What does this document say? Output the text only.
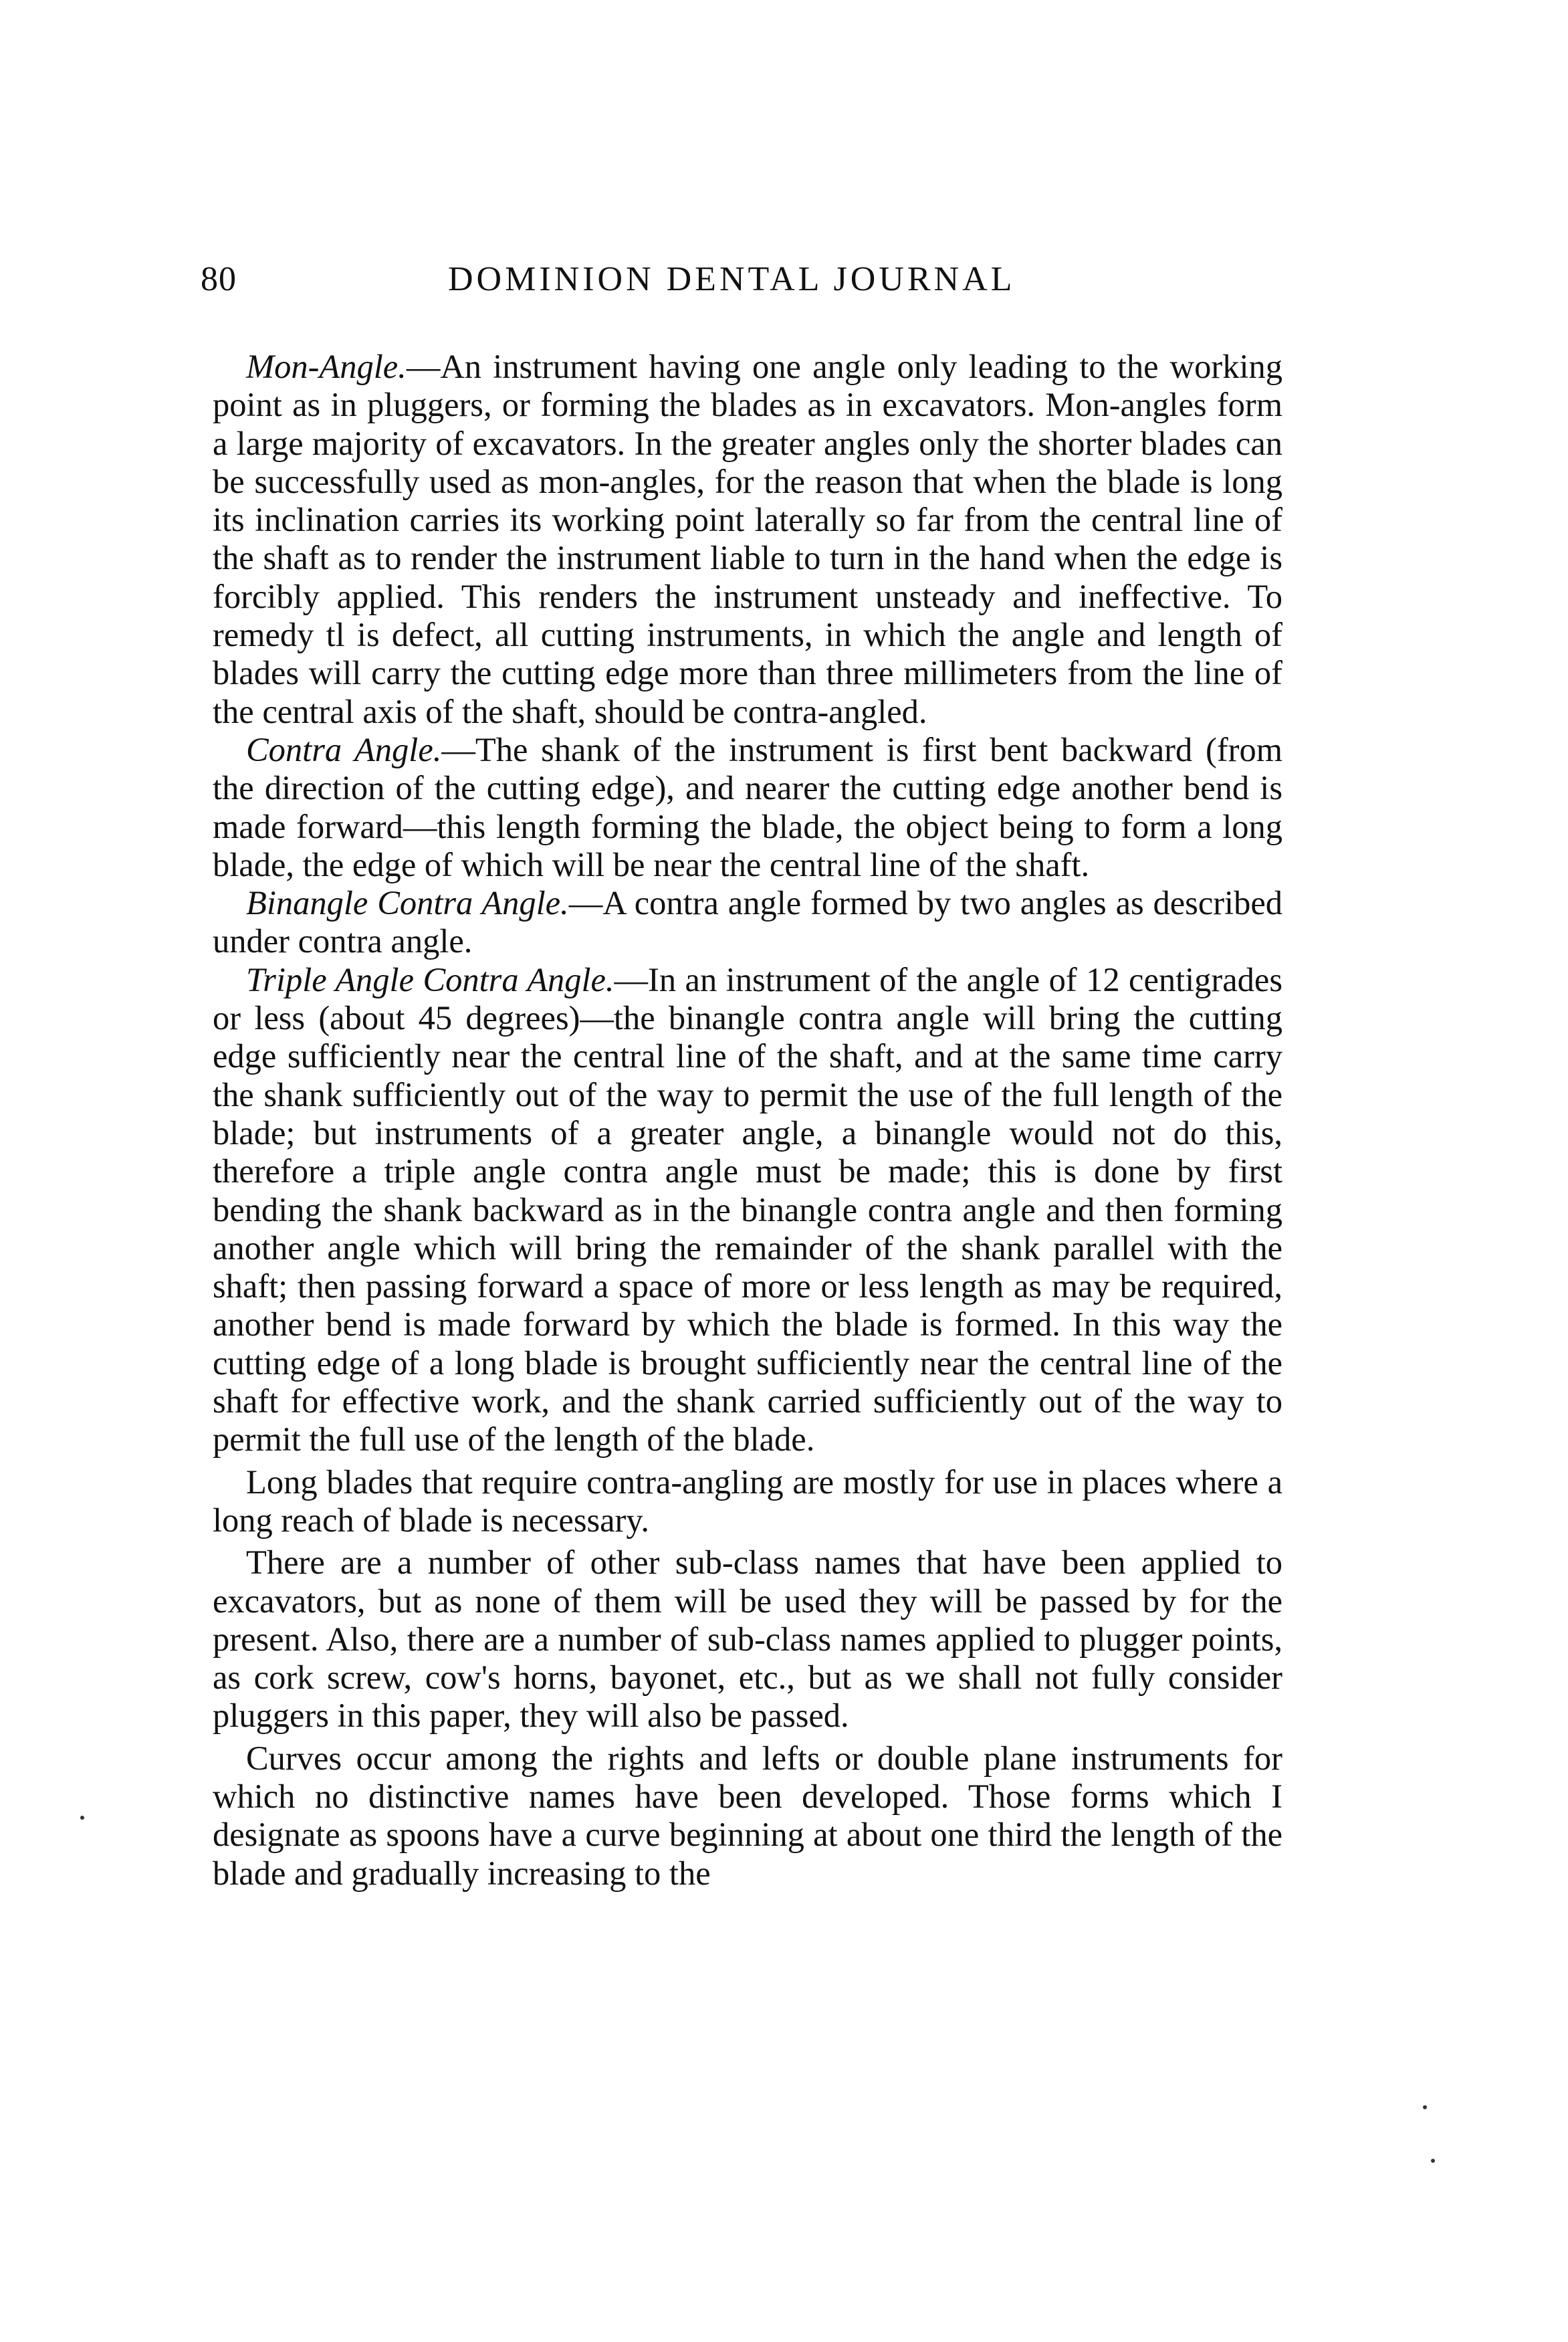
80	DOMINION DENTAL JOURNAL

Mon-Angle.—An instrument having one angle only leading to the working point as in pluggers, or forming the blades as in excavators. Mon-angles form a large majority of excavators. In the greater angles only the shorter blades can be successfully used as mon-angles, for the reason that when the blade is long its inclination carries its working point laterally so far from the central line of the shaft as to render the instrument liable to turn in the hand when the edge is forcibly applied. This renders the instrument unsteady and ineffective. To remedy tl is defect, all cutting instruments, in which the angle and length of blades will carry the cutting edge more than three millimeters from the line of the central axis of the shaft, should be contra-angled.

Contra Angle.—The shank of the instrument is first bent backward (from the direction of the cutting edge), and nearer the cutting edge another bend is made forward—this length forming the blade, the object being to form a long blade, the edge of which will be near the central line of the shaft.

Binangle Contra Angle.—A contra angle formed by two angles as described under contra angle.

Triple Angle Contra Angle.—In an instrument of the angle of 12 centigrades or less (about 45 degrees)—the binangle contra angle will bring the cutting edge sufficiently near the central line of the shaft, and at the same time carry the shank sufficiently out of the way to permit the use of the full length of the blade; but instruments of a greater angle, a binangle would not do this, therefore a triple angle contra angle must be made; this is done by first bending the shank backward as in the binangle contra angle and then forming another angle which will bring the remainder of the shank parallel with the shaft; then passing forward a space of more or less length as may be required, another bend is made forward by which the blade is formed. In this way the cutting edge of a long blade is brought sufficiently near the central line of the shaft for effective work, and the shank carried sufficiently out of the way to permit the full use of the length of the blade.

Long blades that require contra-angling are mostly for use in places where a long reach of blade is necessary.

There are a number of other sub-class names that have been applied to excavators, but as none of them will be used they will be passed by for the present. Also, there are a number of sub-class names applied to plugger points, as cork screw, cow's horns, bayonet, etc., but as we shall not fully consider pluggers in this paper, they will also be passed.

Curves occur among the rights and lefts or double plane instruments for which no distinctive names have been developed. Those forms which I designate as spoons have a curve beginning at about one third the length of the blade and gradually increasing to the
